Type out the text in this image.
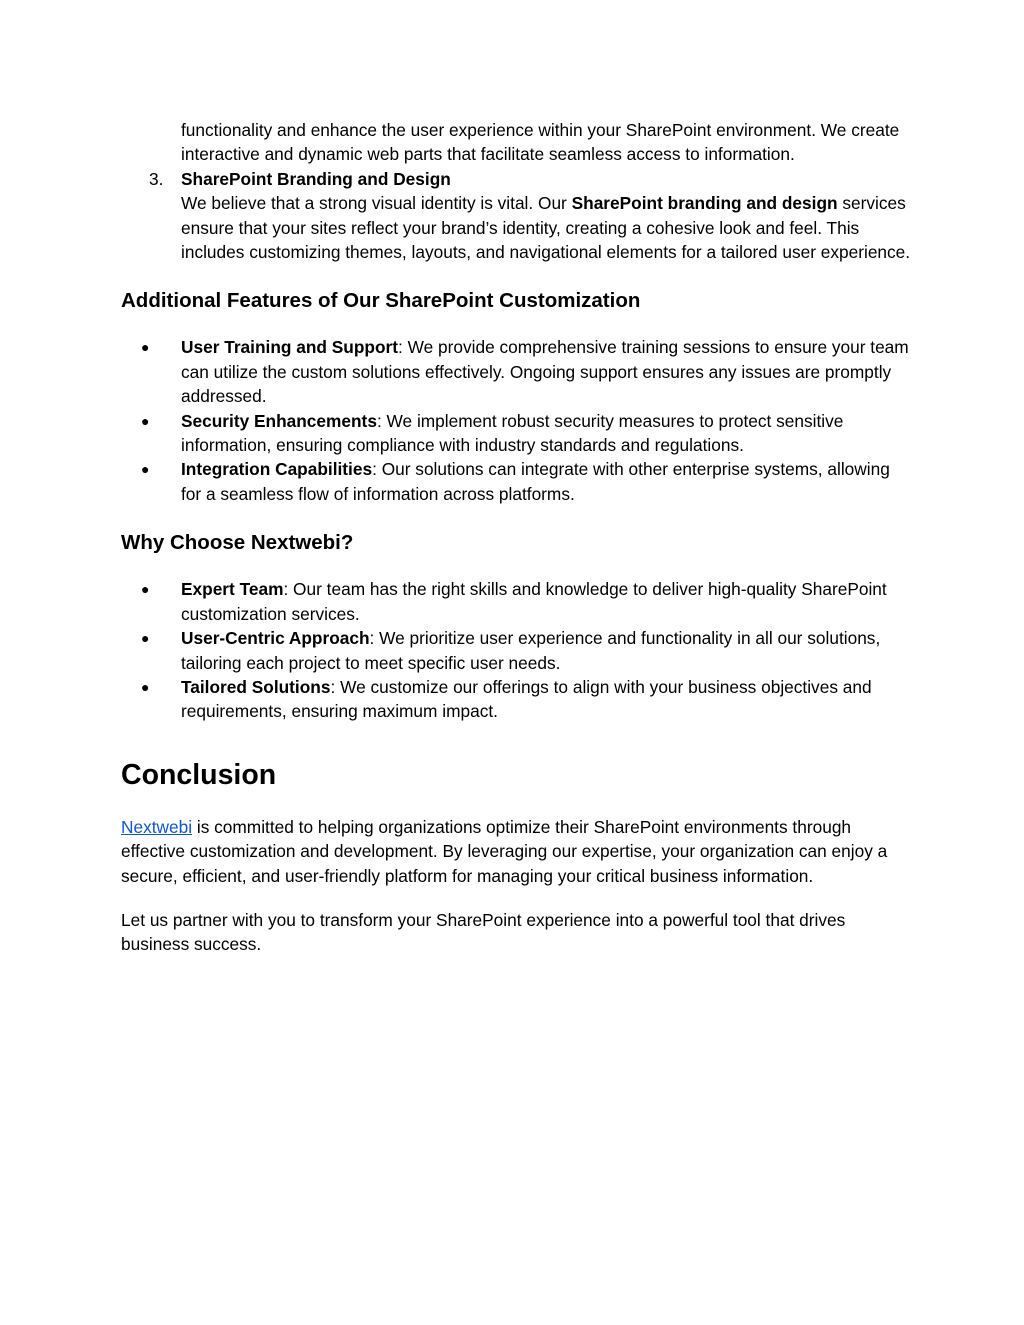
functionality and enhance the user experience within your SharePoint environment. We create interactive and dynamic web parts that facilitate seamless access to information.

3. SharePoint Branding and Design
We believe that a strong visual identity is vital. Our SharePoint branding and design services ensure that your sites reflect your brand’s identity, creating a cohesive look and feel. This includes customizing themes, layouts, and navigational elements for a tailored user experience.
Additional Features of Our SharePoint Customization
● User Training and Support: We provide comprehensive training sessions to ensure your team can utilize the custom solutions effectively. Ongoing support ensures any issues are promptly addressed.
● Security Enhancements: We implement robust security measures to protect sensitive information, ensuring compliance with industry standards and regulations.
● Integration Capabilities: Our solutions can integrate with other enterprise systems, allowing for a seamless flow of information across platforms.
Why Choose Nextwebi?
● Expert Team: Our team has the right skills and knowledge to deliver high-quality SharePoint customization services.
● User-Centric Approach: We prioritize user experience and functionality in all our solutions, tailoring each project to meet specific user needs.
● Tailored Solutions: We customize our offerings to align with your business objectives and requirements, ensuring maximum impact.
Conclusion

Nextwebi is committed to helping organizations optimize their SharePoint environments through effective customization and development. By leveraging our expertise, your organization can enjoy a secure, efficient, and user-friendly platform for managing your critical business information.

Let us partner with you to transform your SharePoint experience into a powerful tool that drives business success.
